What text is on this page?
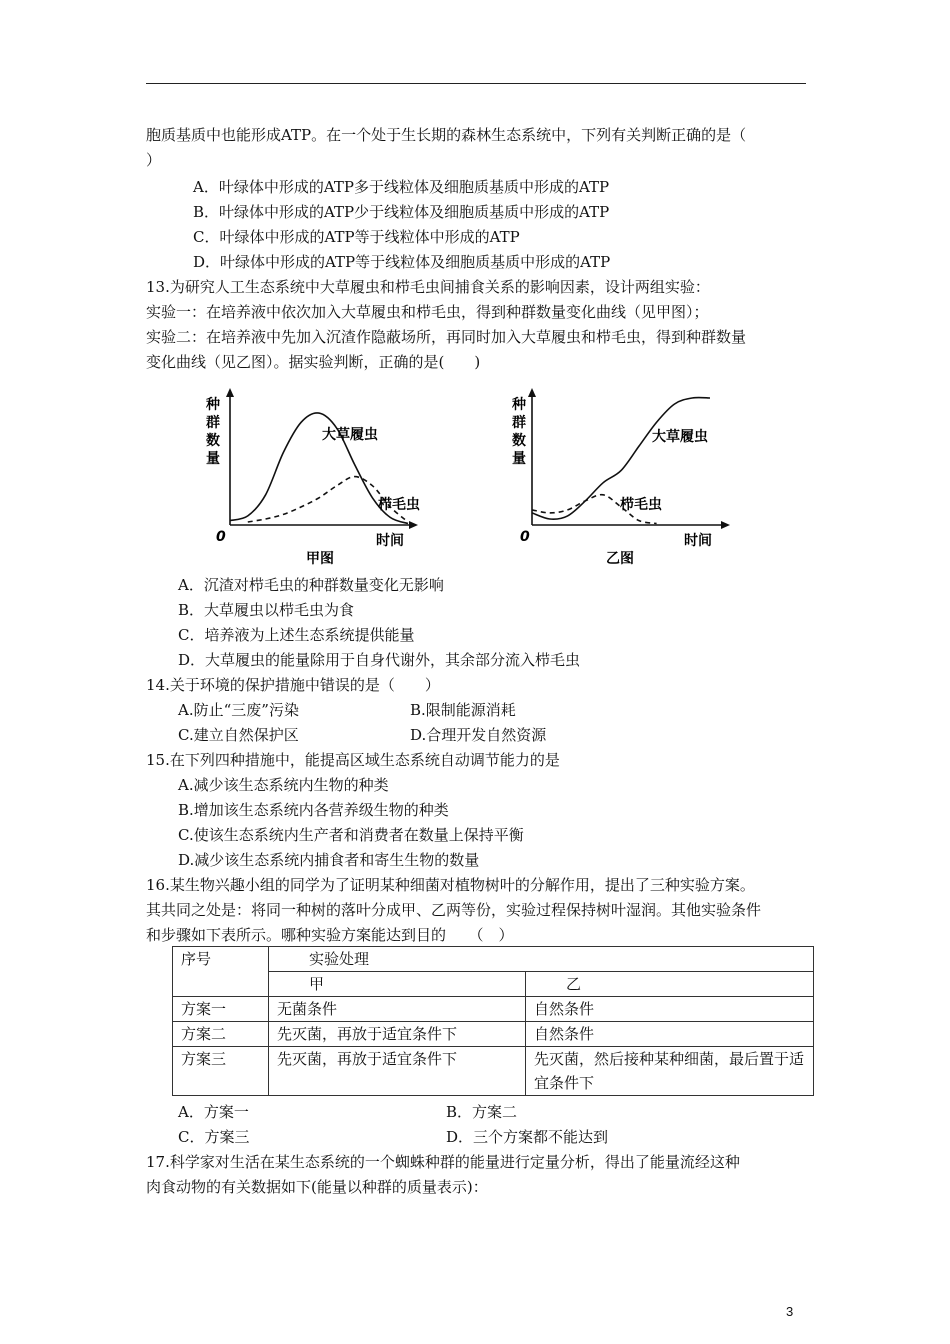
胞质基质中也能形成ATP。在一个处于生长期的森林生态系统中，下列有关判断正确的是（
）
A．叶绿体中形成的ATP多于线粒体及细胞质基质中形成的ATP
B．叶绿体中形成的ATP少于线粒体及细胞质基质中形成的ATP
C．叶绿体中形成的ATP等于线粒体中形成的ATP
D．叶绿体中形成的ATP等于线粒体及细胞质基质中形成的ATP
13.为研究人工生态系统中大草履虫和栉毛虫间捕食关系的影响因素，设计两组实验：
实验一：在培养液中依次加入大草履虫和栉毛虫，得到种群数量变化曲线（见甲图）；
实验二：在培养液中先加入沉渣作隐蔽场所，再同时加入大草履虫和栉毛虫，得到种群数量
变化曲线（见乙图）。据实验判断，正确的是(　　)
种
群
数
量
0	时间
甲图
大草履虫
栉毛虫
种
群
数
量
0	时间
乙图
大草履虫
栉毛虫
A．沉渣对栉毛虫的种群数量变化无影响
B．大草履虫以栉毛虫为食
C．培养液为上述生态系统提供能量
D．大草履虫的能量除用于自身代谢外，其余部分流入栉毛虫
14.关于环境的保护措施中错误的是（　　）
A.防止“三废”污染	B.限制能源消耗
C.建立自然保护区	D.合理开发自然资源
15.在下列四种措施中，能提高区域生态系统自动调节能力的是
A.减少该生态系统内生物的种类
B.增加该生态系统内各营养级生物的种类
C.使该生态系统内生产者和消费者在数量上保持平衡
D.减少该生态系统内捕食者和寄生生物的数量
16.某生物兴趣小组的同学为了证明某种细菌对植物树叶的分解作用，提出了三种实验方案。
其共同之处是：将同一种树的落叶分成甲、乙两等份，实验过程保持树叶湿润。其他实验条件
和步骤如下表所示。哪种实验方案能达到目的　　（　）
序号	实验处理	
	甲	乙
方案一	无菌条件	自然条件
方案二	先灭菌，再放于适宜条件下	自然条件
方案三	先灭菌，再放于适宜条件下	先灭菌，然后接种某种细菌，最后置于适宜条件下
A．方案一	B．方案二
C．方案三	D．三个方案都不能达到
17.科学家对生活在某生态系统的一个蜘蛛种群的能量进行定量分析，得出了能量流经这种
肉食动物的有关数据如下(能量以种群的质量表示)：
3
